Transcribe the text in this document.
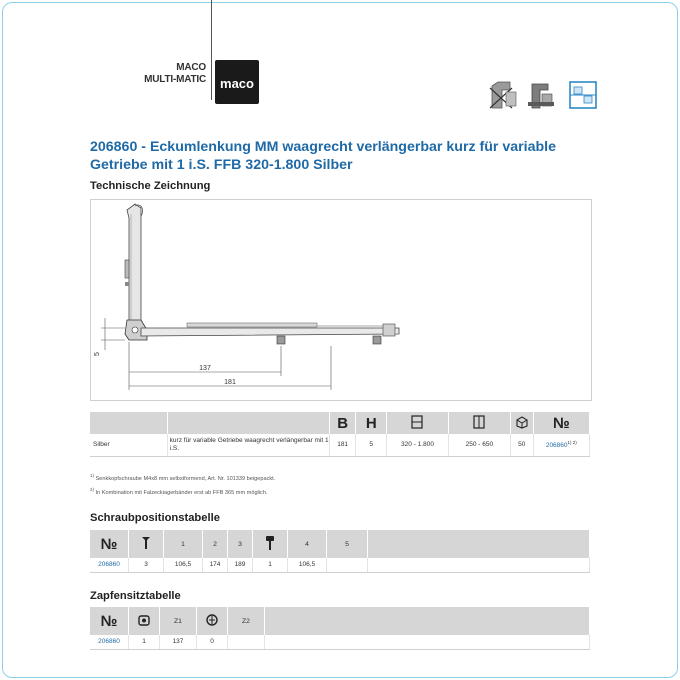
MACO
MULTI-MATIC maco
206860 - Eckumlenkung MM waagrecht verlängerbar kurz für variable Getriebe mit 1 i.S. FFB 320-1.800 Silber
Technische Zeichnung
5
137
181
		B	H				№
Silber	kurz für variable Getriebe waagrecht verlängerbar mit 1 i.S.	181	5	320 - 1.800	250 - 650	50	$206860^{1) 2)}$
$^{1)}$ Senkkopfschraube M4x8 mm selbstformend, Art. Nr. 101339 beigepackt.
$^{2)}$ In Kombination mit Falzeckiagerbänder erst ab FFB 365 mm möglich.
Schraubpositionstabelle
№		1	2	3		4	5	
206860	3	106,5	174	189	1	106,5		
Zapfensitztabelle
№		Z1		Z2	
206860	1	137	0		
